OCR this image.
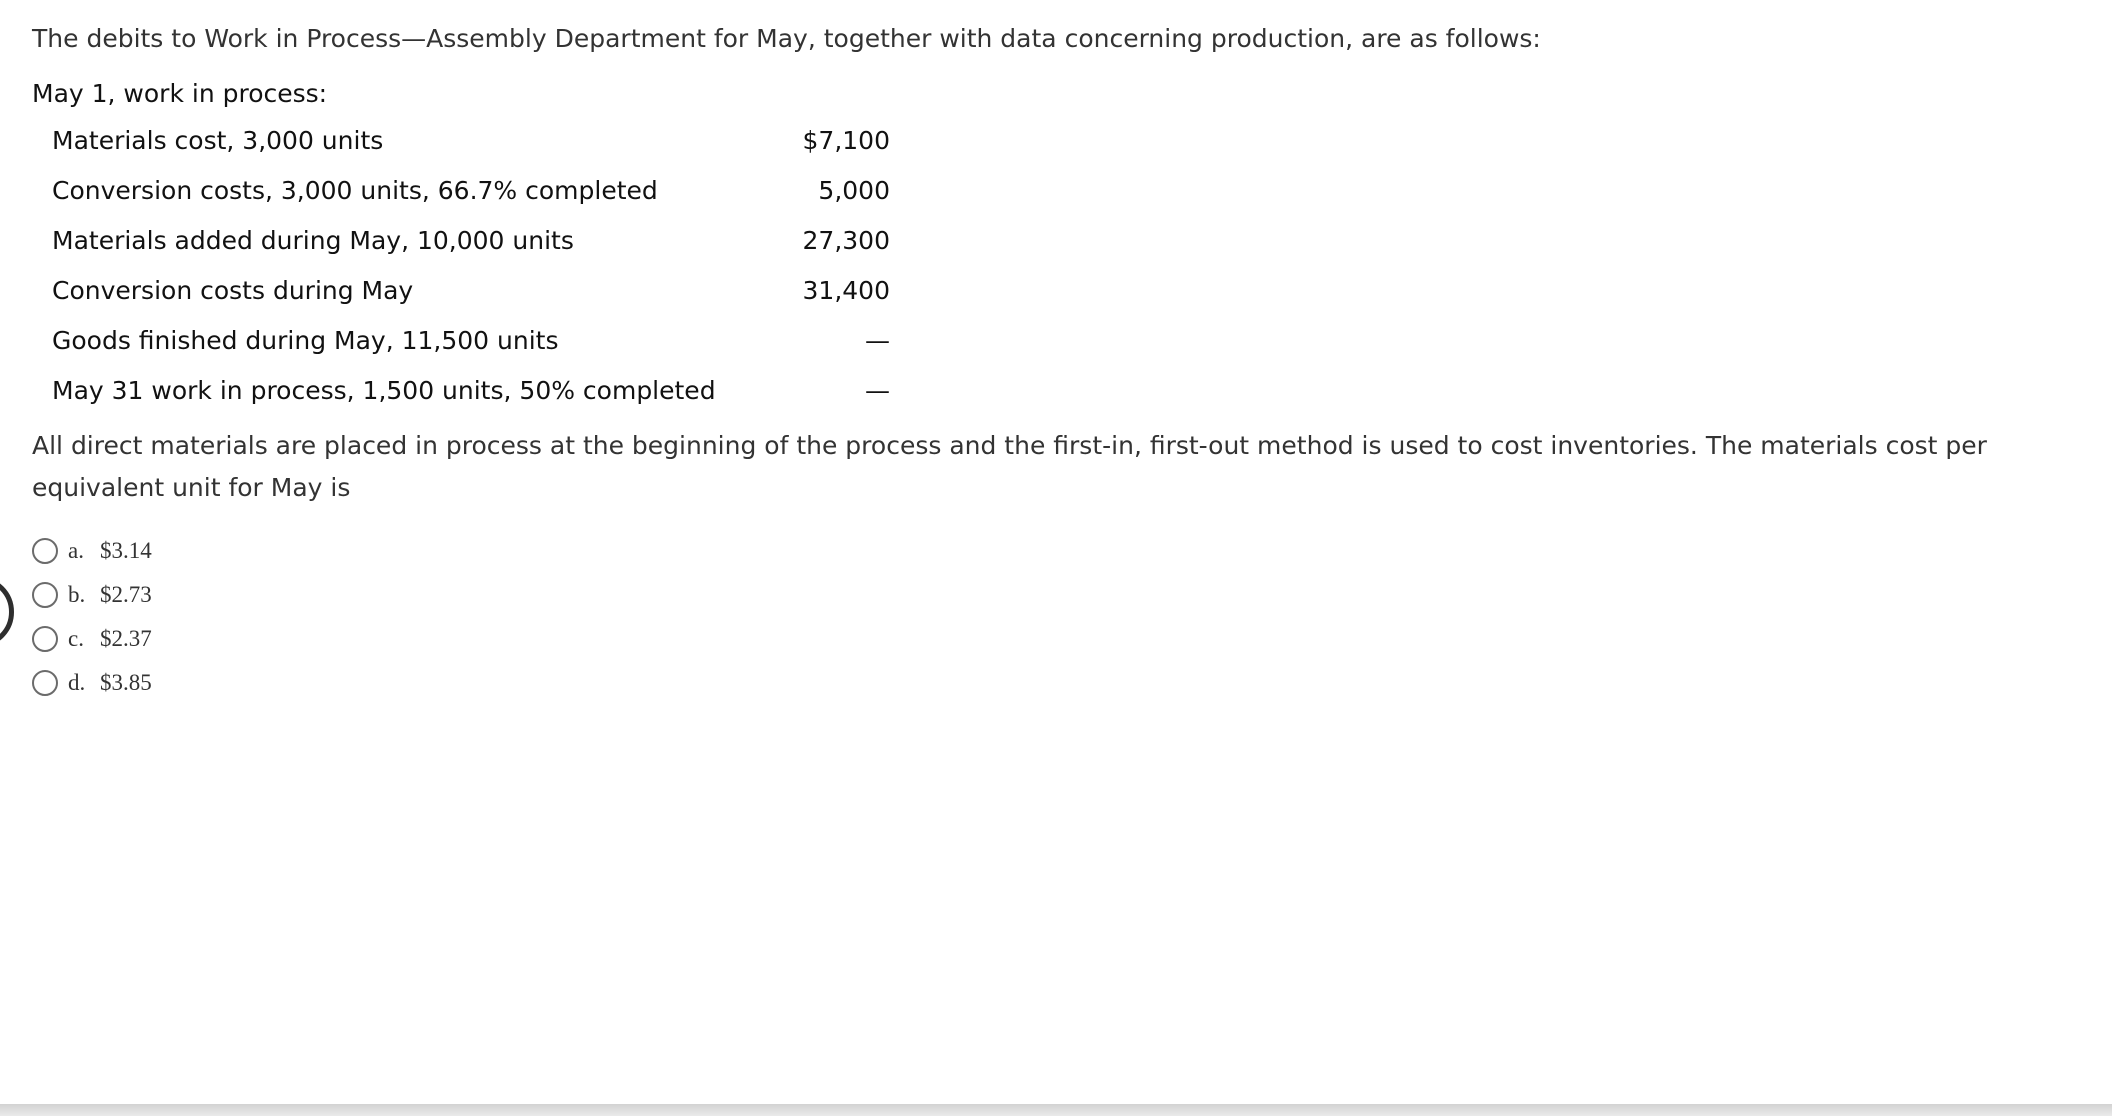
The debits to Work in Process—Assembly Department for May, together with data concerning production, are as follows:

May 1, work in process:

Materials cost, 3,000 units	$7,100
Conversion costs, 3,000 units, 66.7% completed	5,000
Materials added during May, 10,000 units	27,300
Conversion costs during May	31,400
Goods finished during May, 11,500 units	—
May 31 work in process, 1,500 units, 50% completed	—

All direct materials are placed in process at the beginning of the process and the first-in, first-out method is used to cost inventories. The materials cost per equivalent unit for May is

a. $3.14
b. $2.73
c. $2.37
d. $3.85
